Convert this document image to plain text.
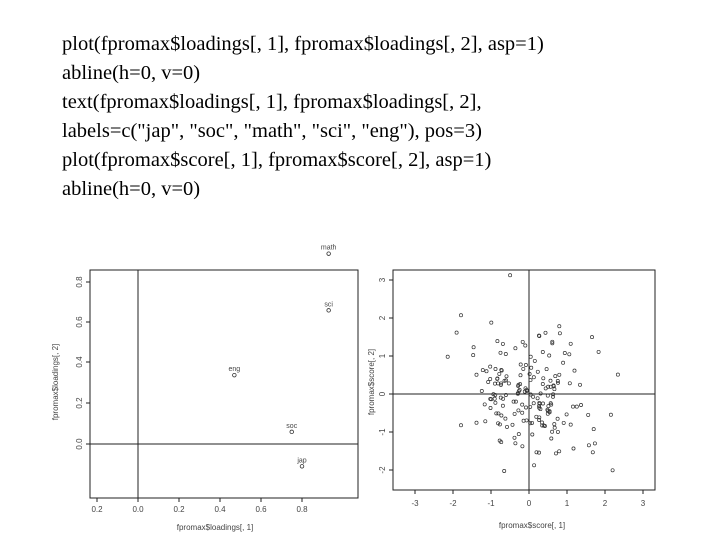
plot(fpromax$loadings[, 1], fpromax$loadings[, 2], asp=1)
abline(h=0, v=0)
text(fpromax$loadings[, 1], fpromax$loadings[, 2],
labels=c("jap", "soc", "math", "sci", "eng"), pos=3)
plot(fpromax$score[, 1], fpromax$score[, 2], asp=1)
abline(h=0, v=0)
0.2	0.0	0.2	0.4	0.6	0.8
fpromax$loadings[, 1]
0.0
0.2
0.4
0.6
0.8
fpromax$loadings[, 2]
math
sci
eng
soc
jap
-3	-2	-1	0	1	2	3
fpromax$score[, 1]
-2
-1
0
1
2
3
fpromax$score[, 2]
